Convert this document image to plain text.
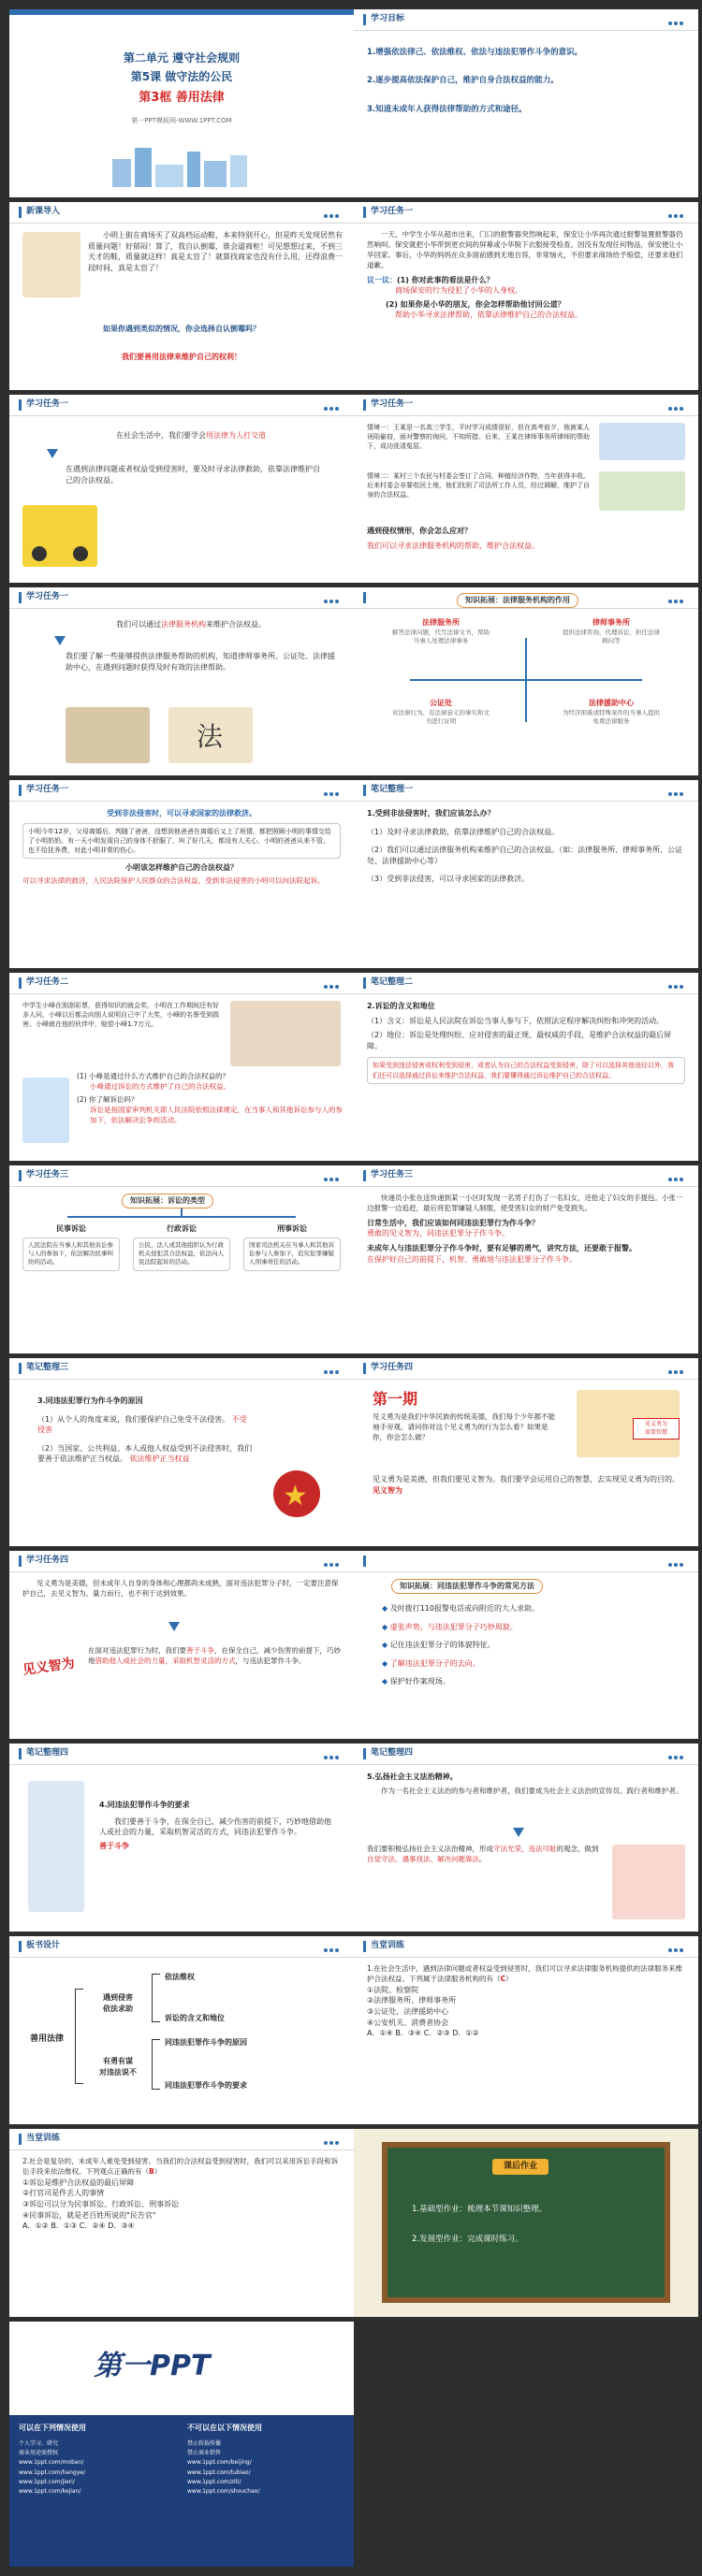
第二单元 遵守社会规则
第5课 做守法的公民
第3框 善用法律
第一PPT模板网-WWW.1PPT.COM
学习目标
1.增强依法律己、依法维权、依法与违法犯罪作斗争的意识。
2.逐步提高依法保护自己，维护自身合法权益的能力。
3.知道未成年人获得法律帮助的方式和途径。
新课导入
小明上街在商场买了双高档运动鞋，本来特别开心，但是昨天发现居然有质量问题！好郁闷！算了，我自认倒霉，谁会逼商柜！可见想想过来，不到三天才的鞋，质量就这样！真是太盲了！就算找商家也没有什么用，还得浪费一段时间，真是太盲了！
如果你遇到类似的情况，你会选择自认倒霉吗？
我们要善用法律来维护自己的权利！
学习任务一
一天，中学生小华从超市出来，门口的报警器突然响起来，保安让小华再次通过报警装置报警器仍然响叫。保安就把小华带到更衣间的屏幕或小华脱下衣服接受检查。因没有发现任何物品，保安便让小华回家。事后，小华的妈妈在众多面前感到无地自容，非常恼火，不但要求商场给予赔偿，还要求他们道歉。
议一议：(1) 你对此事的看法是什么？
商场保安的行为侵犯了小华的人身权。
(2) 如果你是小华的朋友，你会怎样帮助他讨回公道？
帮助小华寻求法律帮助，依靠法律维护自己的合法权益。
学习任务一
在社会生活中，我们要学会用法律为人打交道
在遇到法律问题或者权益受到侵害时，要及时寻求法律救助，依靠法律维护自己的合法权益。
学习任务一
情境一：王某是一名高三学生，平时学习成绩很好，但在高考前夕，他被某人诬陷偷窃，面对警察的询问，不知所措。后来，王某在律师事务所律师的帮助下，成功洗清冤屈。
情境二：某村三个农民与村委会签订了合同，种植经济作物，当年获得丰收。后来村委会非要收回土地，他们找到了司法所工作人员，经过调解，维护了自身的合法权益。
遇到侵权情形，你会怎么应对？
我们可以寻求法律服务机构的帮助，维护合法权益。
学习任务一
我们可以通过法律服务机构来维护合法权益。
我们要了解一些能够提供法律服务帮助的机构，知道律师事务所、公证处、法律援助中心，在遇到问题时获得及时有效的法律帮助。
法
知识拓展：法律服务机构的作用
法律服务所
解答法律问题，代写法律文书，帮助当事人处理法律事务
律师事务所
提供法律咨询，代理诉讼，担任法律顾问等
公证处
对法律行为、有法律意义的事实和文书进行证明
法律援助中心
为经济困难或特殊案件的当事人提供免费法律服务
学习任务一
受到非法侵害时，可以寻求国家的法律救济。
小明今年12岁，父母离婚后，判随了爸爸，没想到他爸爸在离婚后又上了班情，都把照顾小明的事情交给了小明奶奶。有一天小明发现自己的身体不舒服了，叫了好几天，都没有人关心，小明的爸爸从来不管，也不给抚养费，对此小明非常的伤心。
小明该怎样维护自己的合法权益？
可以寻求法律的救济，人民法院保护人民群众的合法权益，受到非法侵害的小明可以向法院起诉。
笔记整理一
1.受到非法侵害时，我们应该怎么办？
（1）及时寻求法律救助，依靠法律维护自己的合法权益。
（2）我们可以通过法律服务机构来维护自己的合法权益。（如：法律服务所、律师事务所、公证处、法律援助中心等）
（3）受到非法侵害，可以寻求国家的法律救济。
学习任务二
中学生小峰在刮刮彩票，获得知识的就会奖，小明在工作期间还有好多人问，小峰以后都会向别人说明自己中了大奖，小峰的名誉受到损害。小峰就在他的伙伴中，赔偿小峰1.7万元。
(1) 小峰是通过什么方式维护自己的合法权益的？
小峰通过诉讼的方式维护了自己的合法权益。
(2) 你了解诉讼吗？
诉讼是指国家审判机关即人民法院依照法律规定，在当事人和其他诉讼参与人的参加下，依法解决讼争的活动。
笔记整理二
2.诉讼的含义和地位
（1）含义：诉讼是人民法院在诉讼当事人参与下，依照法定程序解决纠纷和冲突的活动。
（2）地位：诉讼是处理纠纷、应对侵害的最正规、最权威的手段，是维护合法权益的最后屏障。
如果受到违法侵害或权利受到侵害，或者认为自己的合法权益受到侵害，除了可以选择其他途径以外，我们还可以选择通过诉讼来维护合法权益，我们要懂得通过诉讼维护自己的合法权益。
学习任务三
知识拓展：诉讼的类型
民事诉讼
人民法院在当事人和其他诉讼参与人的参加下，依法解决民事纠纷的活动。
行政诉讼
公民、法人或其他组织认为行政机关侵犯其合法权益，依法向人民法院起诉的活动。
刑事诉讼
国家司法机关在当事人和其他诉讼参与人参加下，追究犯罪嫌疑人刑事责任的活动。
学习任务三
快递员小张在送快递到某一小区时发现一名男子打伤了一名妇女，还抢走了妇女的手提包。小张一边报警一边追赶，最后将犯罪嫌疑人制服，使受害妇女的财产免受损失。
日常生活中，我们应该如何同违法犯罪行为作斗争？
勇敢的见义智为，同违法犯罪分子作斗争。
未成年人与违法犯罪分子作斗争时，要有足够的勇气，讲究方法，还要敢于报警。
在保护好自己的前提下，机智、勇敢地与违法犯罪分子作斗争。
笔记整理三
3.同违法犯罪行为作斗争的原因
（1）从个人的角度来说，我们要保护自己免受不法侵害。 不受侵害
（2）当国家、公共利益、本人或他人权益受到不法侵害时，我们要善于依法维护正当权益。 依法维护正当权益
★
学习任务四
第一期
见义勇为是我们中华民族的传统美德，我们每个少年都不能袖手旁观。请问你对这个见义勇为的行为怎么看？如果是你，你会怎么做？
见义勇为
需要智慧
见义勇为是美德，但我们要见义智为。我们要学会运用自己的智慧，去实现见义勇为的目的。见义智为
学习任务四
见义勇为是美德，但未成年人自身的身体和心理都尚未成熟，面对违法犯罪分子时，一定要注意保护自己，去见义智为、量力而行，也不利于达到效果。
见义智为
在面对违法犯罪行为时，我们要善于斗争，在保全自己，减少伤害的前提下，巧妙地借助他人或社会的力量，采取机智灵活的方式，与违法犯罪作斗争。
知识拓展：同违法犯罪作斗争的常见方法
◆ 及时拨打110报警电话或向附近的大人求助。
◆ 虚张声势，与违法犯罪分子巧妙周旋。
◆ 记住违法犯罪分子的体貌特征。
◆ 了解违法犯罪分子的去向。
◆ 保护好作案现场。
笔记整理四
4.同违法犯罪作斗争的要求
我们要善于斗争，在保全自己、减少伤害的前提下，巧妙地借助他人或社会的力量，采取机智灵活的方式，同违法犯罪作斗争。
善于斗争
笔记整理四
5.弘扬社会主义法治精神。
作为一名社会主义法治的参与者和维护者，我们要成为社会主义法治的宣传员、践行者和维护者。
我们要积极弘扬社会主义法治精神，形成守法光荣，违法可耻的观念，做到自觉守法、遇事找法、解决问题靠法。
板书设计
善用法律
遇到侵害
依法求助
有勇有谋
对违法说不
依法维权
诉讼的含义和地位
同违法犯罪作斗争的原因
同违法犯罪作斗争的要求
当堂训练
1.在社会生活中，遇到法律问题或者权益受到侵害时，我们可以寻求法律服务机构提供的法律服务来维护合法权益。下列属于法律服务机构的有（C）
①法院、检察院
②法律服务所、律师事务所
③公证处、法律援助中心
④公安机关、消费者协会
A．①④ B．③④ C．②③ D．①②
当堂训练
2.社会是复杂的，未成年人难免受到侵害。当我们的合法权益受到侵害时，我们可以采用诉讼手段和诉讼手段来依法维权。下列观点正确的有（B）
①诉讼是维护合法权益的最后屏障
②打官司是件丢人的事情
③诉讼可以分为民事诉讼、行政诉讼、刑事诉讼
④民事诉讼，就是老百姓所说的"民告官"
A．①② B．①③ C．②④ D．③④
课后作业
1.基础型作业：梳理本节课知识整理。
2.发展型作业：完成课时练习。
第一PPT
可以在下列情况使用	不可以在以下情况使用
个人学习、研究
商业用途需授权
www.1ppt.com/moban/
www.1ppt.com/hangye/
www.1ppt.com/jieri/
www.1ppt.com/kejian/
禁止转载传播
禁止商业销售
www.1ppt.com/beijing/
www.1ppt.com/tubiao/
www.1ppt.com/ziti/
www.1ppt.com/shouchao/
